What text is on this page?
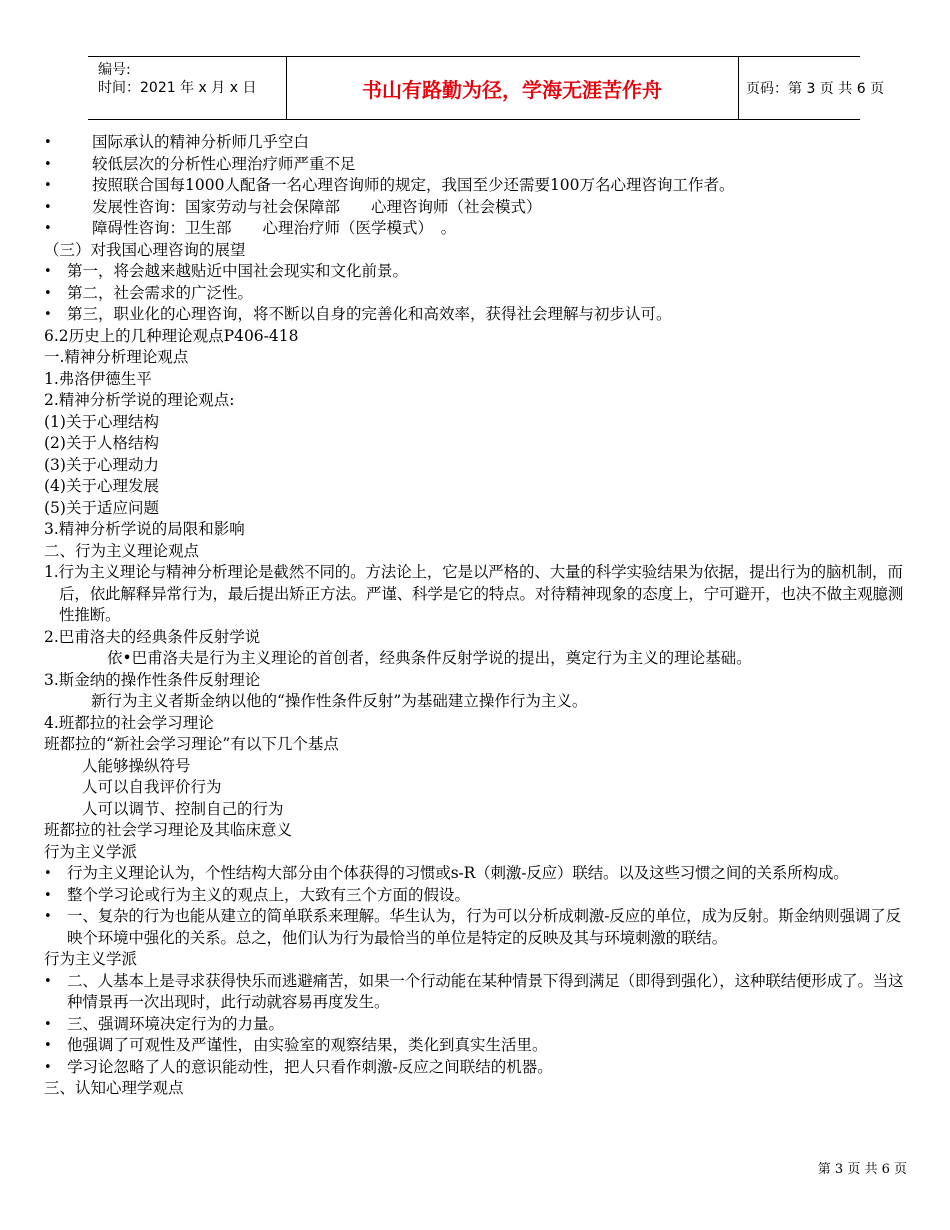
编号:
时间：2021 年 x 月 x 日	书山有路勤为径，学海无涯苦作舟	页码：第 3 页 共 6 页
•	国际承认的精神分析师几乎空白
•	较低层次的分析性心理治疗师严重不足
•	按照联合国每1000人配备一名心理咨询师的规定，我国至少还需要100万名心理咨询工作者。
•	发展性咨询：国家劳动与社会保障部　　心理咨询师（社会模式）
•	障碍性咨询：卫生部　　心理治疗师（医学模式）　。
（三）对我国心理咨询的展望
• 第一，将会越来越贴近中国社会现实和文化前景。
• 第二，社会需求的广泛性。
• 第三，职业化的心理咨询，将不断以自身的完善化和高效率，获得社会理解与初步认可。
6.2历史上的几种理论观点P406-418
一.精神分析理论观点
1.弗洛伊德生平
2.精神分析学说的理论观点:
(1)关于心理结构
(2)关于人格结构
(3)关于心理动力
(4)关于心理发展
(5)关于适应问题
3.精神分析学说的局限和影响
二、行为主义理论观点
1.行为主义理论与精神分析理论是截然不同的。方法论上，它是以严格的、大量的科学实验结果为依据，提出行为的脑机制，而后，依此解释异常行为，最后提出矫正方法。严谨、科学是它的特点。对待精神现象的态度上，宁可避开，也决不做主观臆测性推断。
2.巴甫洛夫的经典条件反射学说
依•巴甫洛夫是行为主义理论的首创者，经典条件反射学说的提出，奠定行为主义的理论基础。
3.斯金纳的操作性条件反射理论
新行为主义者斯金纳以他的“操作性条件反射”为基础建立操作行为主义。
4.班都拉的社会学习理论
班都拉的“新社会学习理论”有以下几个基点
人能够操纵符号
人可以自我评价行为
人可以调节、控制自己的行为
班都拉的社会学习理论及其临床意义
行为主义学派
• 行为主义理论认为，个性结构大部分由个体获得的习惯或s-R（刺激-反应）联结。以及这些习惯之间的关系所构成。
• 整个学习论或行为主义的观点上，大致有三个方面的假设。
• 一、复杂的行为也能从建立的简单联系来理解。华生认为，行为可以分析成刺激-反应的单位，成为反射。斯金纳则强调了反映个环境中强化的关系。总之，他们认为行为最恰当的单位是特定的反映及其与环境刺激的联结。
行为主义学派
• 二、人基本上是寻求获得快乐而逃避痛苦，如果一个行动能在某种情景下得到满足（即得到强化），这种联结便形成了。当这种情景再一次出现时，此行动就容易再度发生。
• 三、强调环境决定行为的力量。
• 他强调了可观性及严谨性，由实验室的观察结果，类化到真实生活里。
• 学习论忽略了人的意识能动性，把人只看作刺激-反应之间联结的机器。
三、认知心理学观点
第 3 页 共 6 页
